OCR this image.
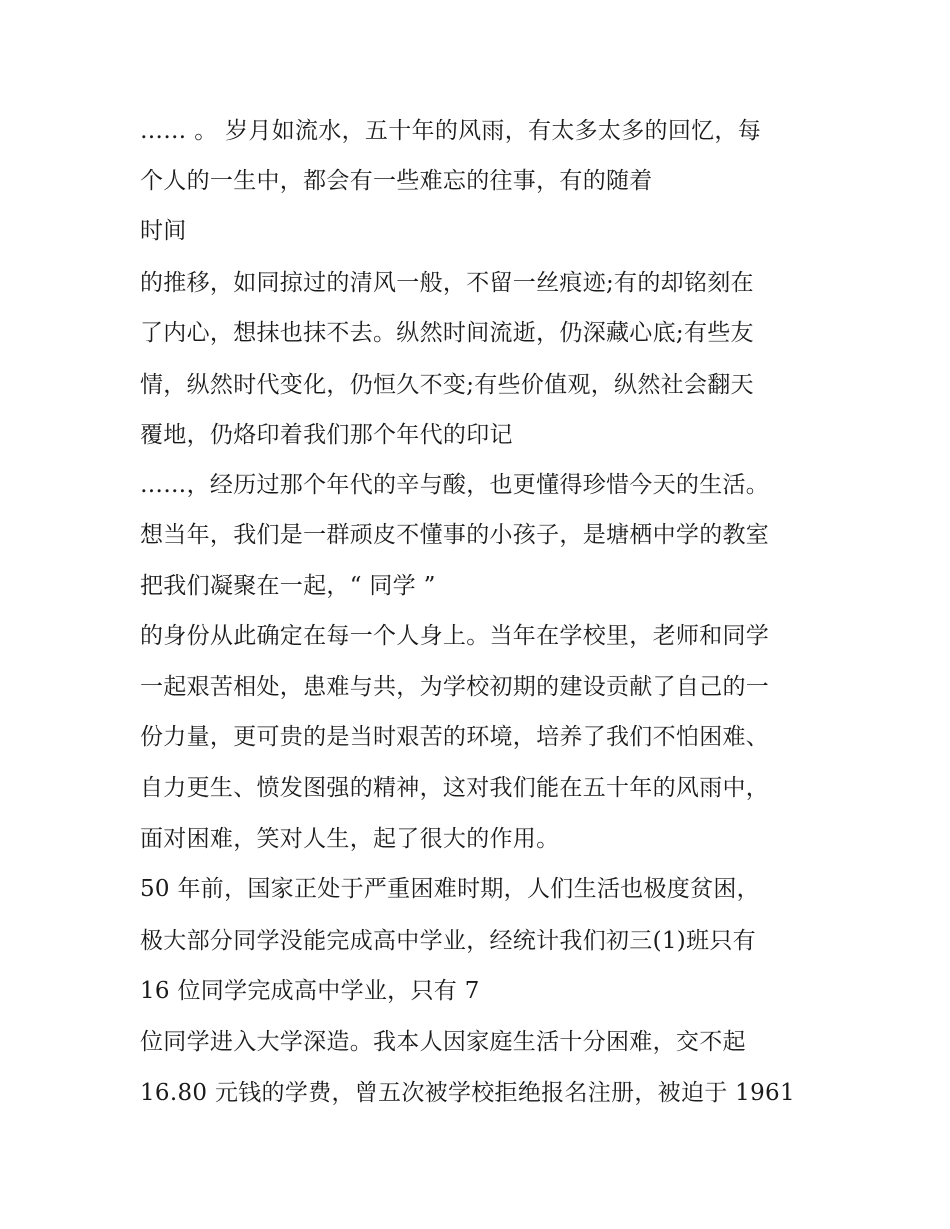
…… 。 岁月如流水，五十年的风雨，有太多太多的回忆，每
个人的一生中，都会有一些难忘的往事，有的随着
时间
的推移，如同掠过的清风一般，不留一丝痕迹;有的却铭刻在
了内心，想抹也抹不去。纵然时间流逝，仍深藏心底;有些友
情，纵然时代变化，仍恒久不变;有些价值观，纵然社会翻天
覆地，仍烙印着我们那个年代的印记
……，经历过那个年代的辛与酸，也更懂得珍惜今天的生活。
想当年，我们是一群顽皮不懂事的小孩子，是塘栖中学的教室
把我们凝聚在一起，“ 同学 ”
的身份从此确定在每一个人身上。当年在学校里，老师和同学
一起艰苦相处，患难与共，为学校初期的建设贡献了自己的一
份力量，更可贵的是当时艰苦的环境，培养了我们不怕困难、
自力更生、愤发图强的精神，这对我们能在五十年的风雨中，
面对困难，笑对人生，起了很大的作用。
50 年前，国家正处于严重困难时期，人们生活也极度贫困，
极大部分同学没能完成高中学业，经统计我们初三(1)班只有
16 位同学完成高中学业，只有 7
位同学进入大学深造。我本人因家庭生活十分困难，交不起
16.80 元钱的学费，曾五次被学校拒绝报名注册，被迫于 1961
